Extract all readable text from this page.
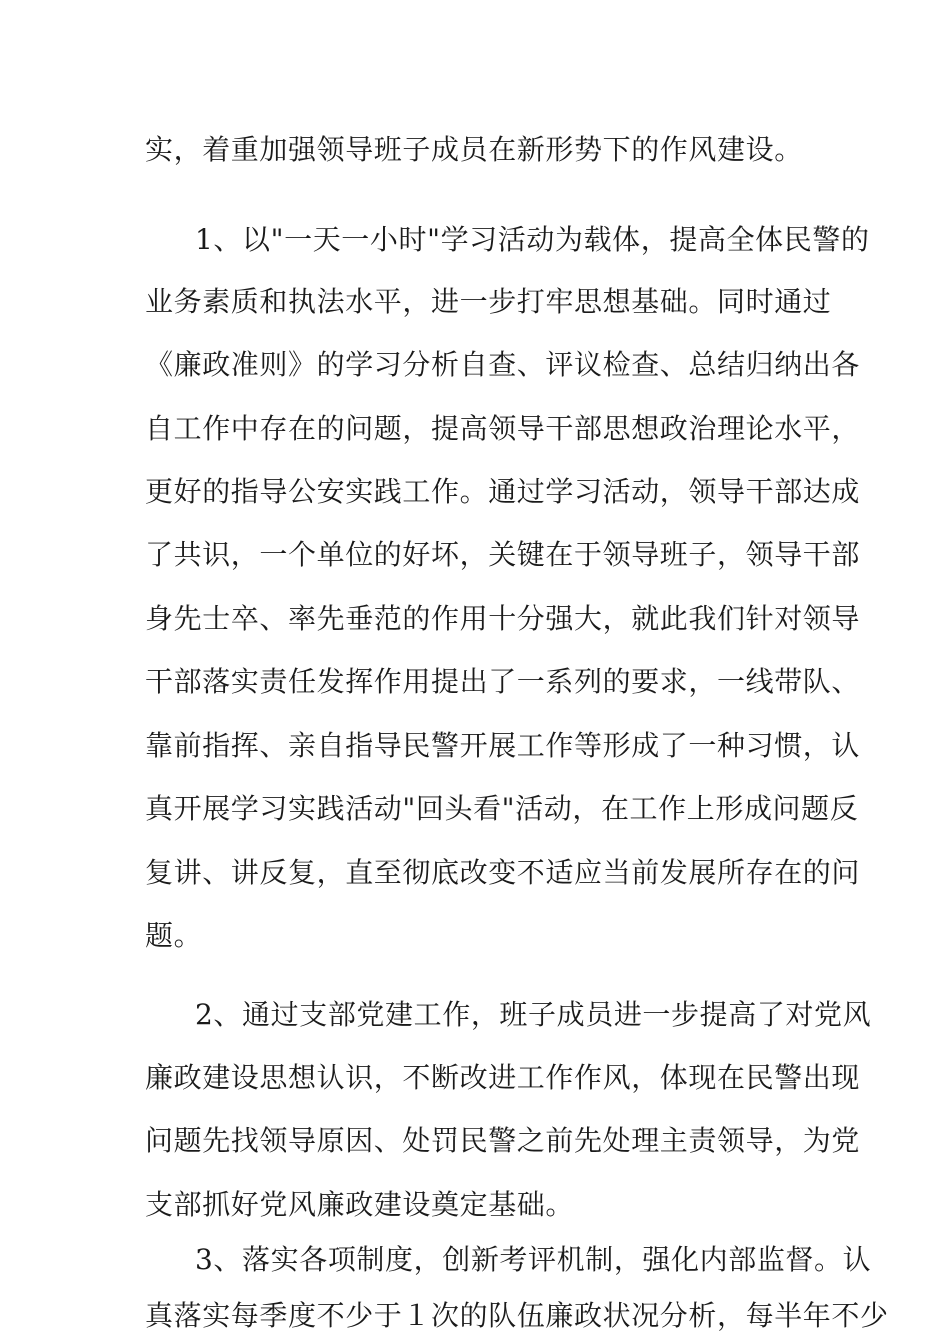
实，着重加强领导班子成员在新形势下的作风建设。
1、以"一天一小时"学习活动为载体，提高全体民警的
业务素质和执法水平，进一步打牢思想基础。同时通过
《廉政准则》的学习分析自查、评议检查、总结归纳出各
自工作中存在的问题，提高领导干部思想政治理论水平，
更好的指导公安实践工作。通过学习活动，领导干部达成
了共识，一个单位的好坏，关键在于领导班子，领导干部
身先士卒、率先垂范的作用十分强大，就此我们针对领导
干部落实责任发挥作用提出了一系列的要求，一线带队、
靠前指挥、亲自指导民警开展工作等形成了一种习惯，认
真开展学习实践活动"回头看"活动，在工作上形成问题反
复讲、讲反复，直至彻底改变不适应当前发展所存在的问
题。
2、通过支部党建工作，班子成员进一步提高了对党风
廉政建设思想认识，不断改进工作作风，体现在民警出现
问题先找领导原因、处罚民警之前先处理主责领导，为党
支部抓好党风廉政建设奠定基础。
3、落实各项制度，创新考评机制，强化内部监督。认
真落实每季度不少于１次的队伍廉政状况分析，每半年不少
